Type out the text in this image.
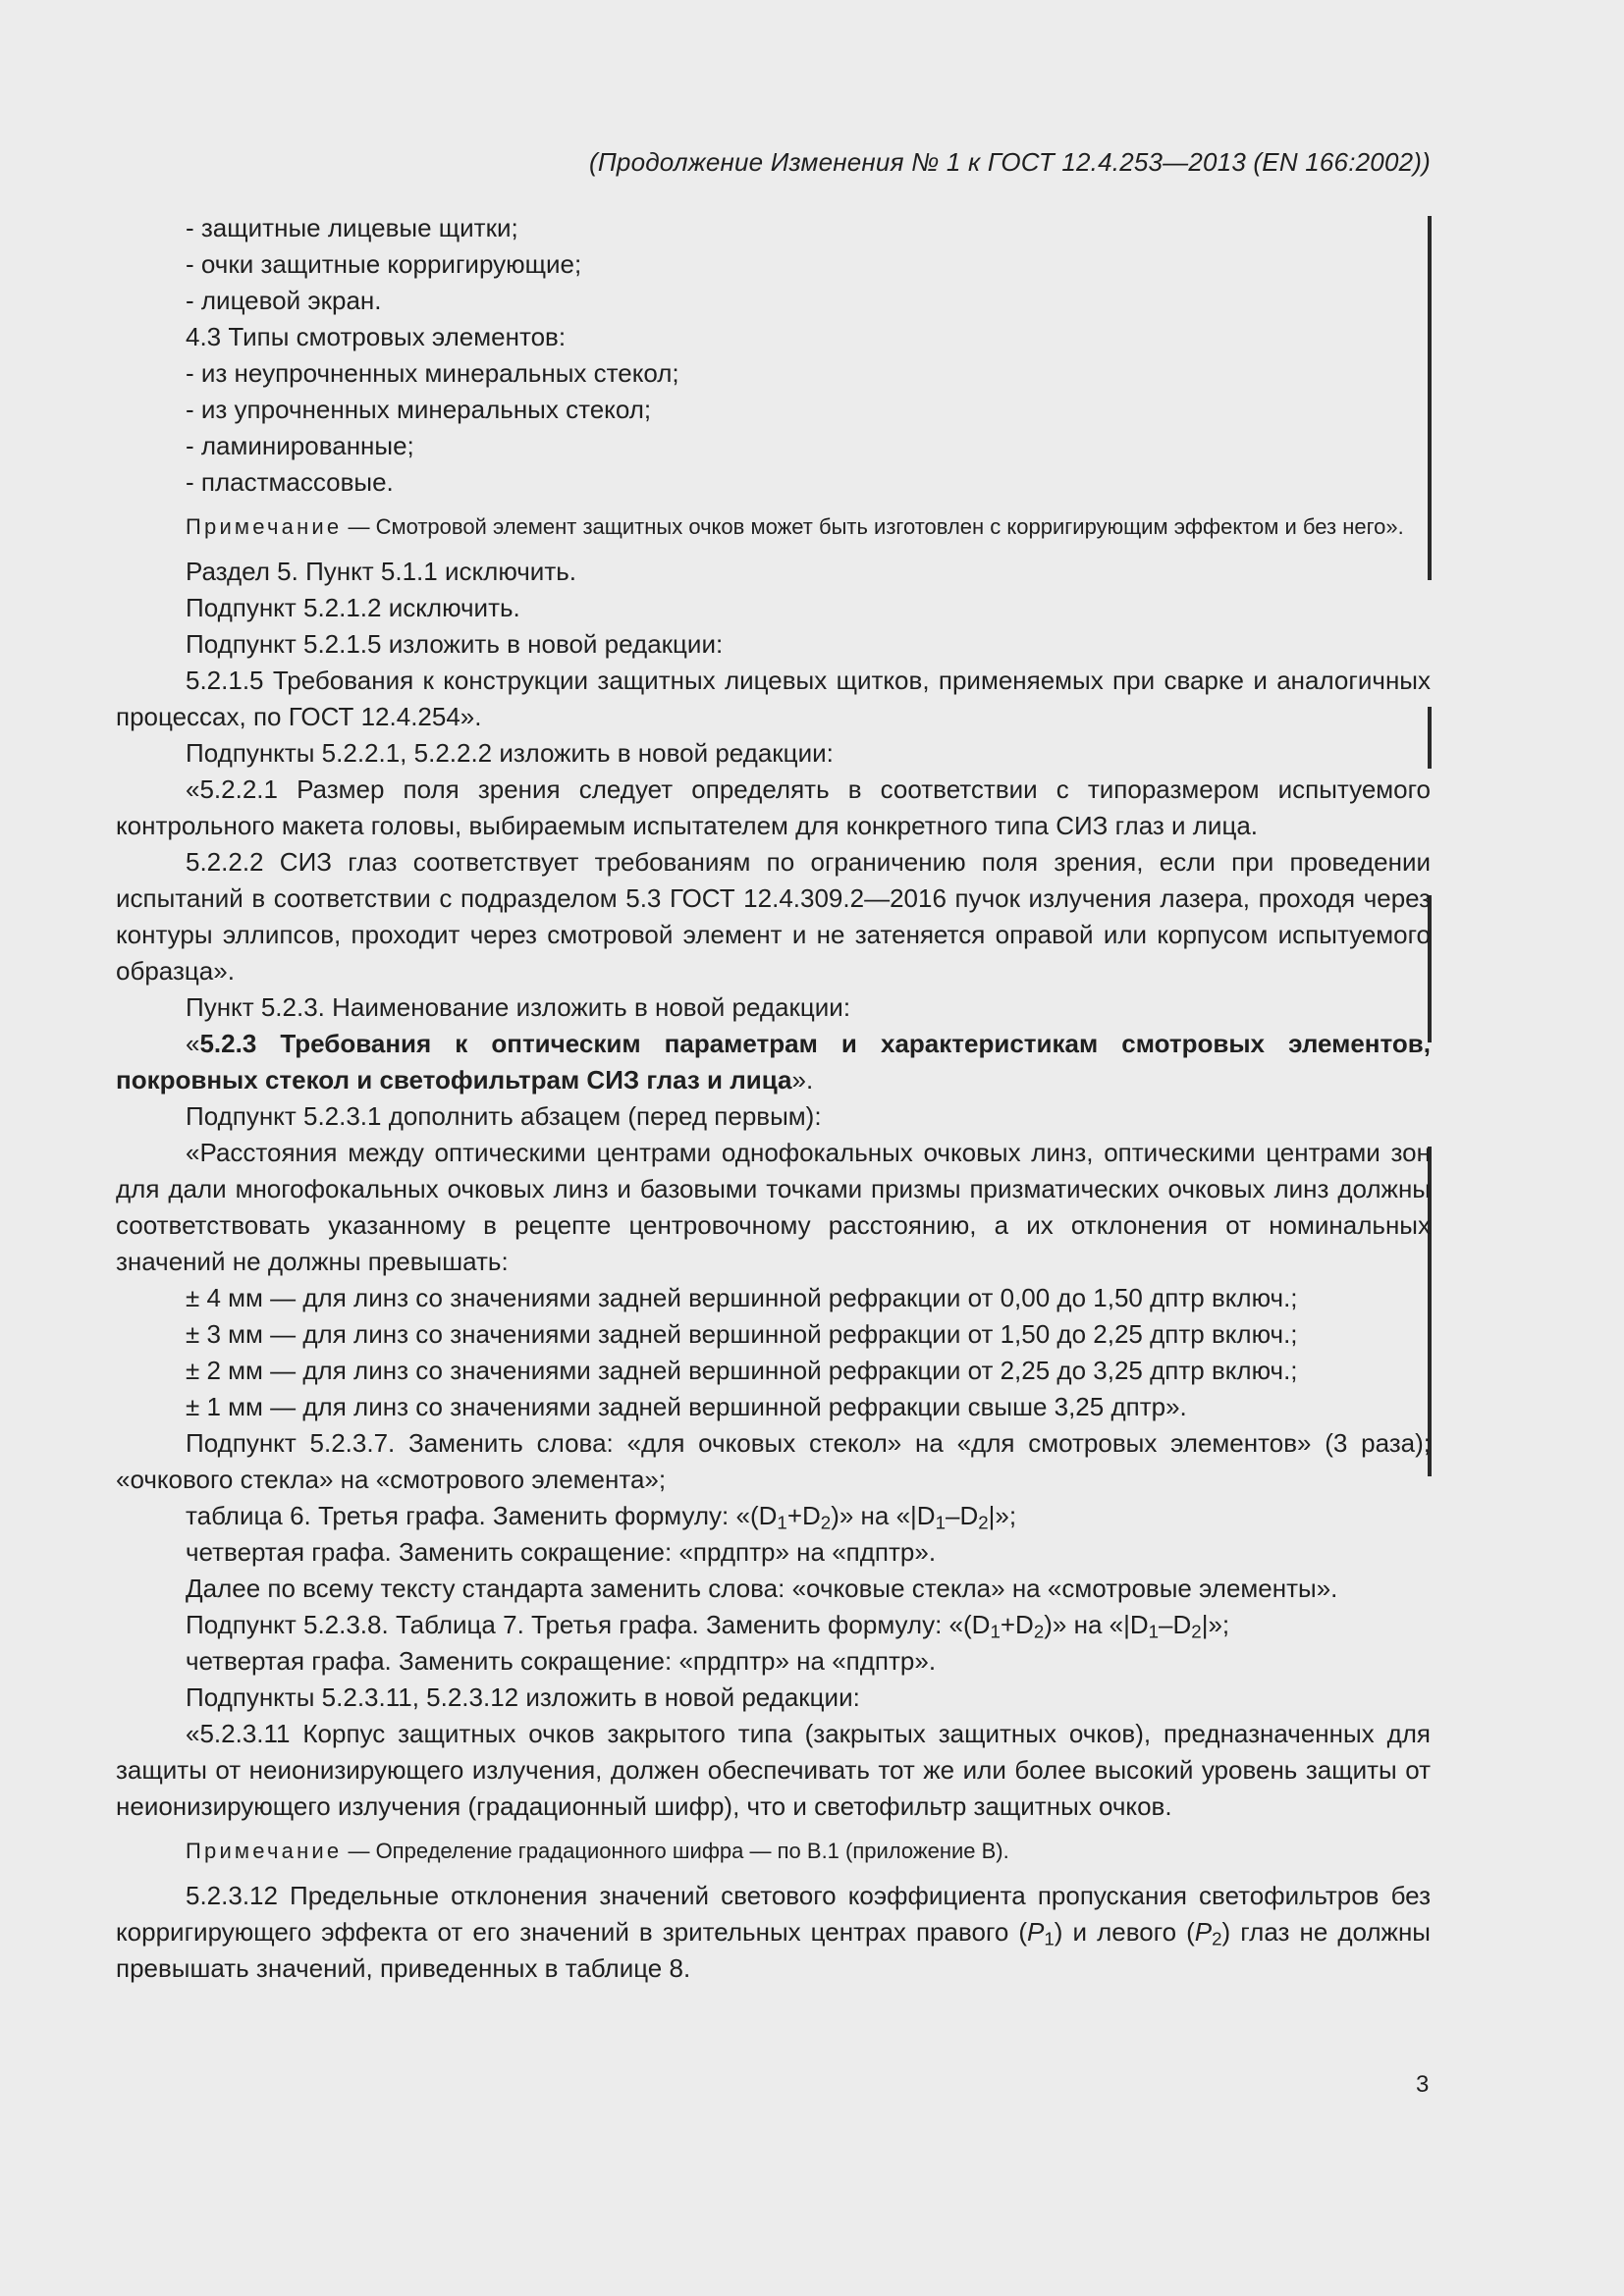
(Продолжение Изменения № 1 к ГОСТ 12.4.253—2013 (EN 166:2002))

- защитные лицевые щитки;

- очки защитные корригирующие;

- лицевой экран.

4.3 Типы смотровых элементов:

- из неупрочненных минеральных стекол;

- из упрочненных минеральных стекол;

- ламинированные;

- пластмассовые.

Примечание — Смотровой элемент защитных очков может быть изготовлен с корригирующим эффектом и без него».

Раздел 5. Пункт 5.1.1 исключить.

Подпункт 5.2.1.2 исключить.

Подпункт 5.2.1.5 изложить в новой редакции:

5.2.1.5 Требования к конструкции защитных лицевых щитков, применяемых при сварке и аналогичных процессах, по ГОСТ 12.4.254».

Подпункты 5.2.2.1, 5.2.2.2 изложить в новой редакции:

«5.2.2.1 Размер поля зрения следует определять в соответствии с типоразмером испытуемого контрольного макета головы, выбираемым испытателем для конкретного типа СИЗ глаз и лица.

5.2.2.2 СИЗ глаз соответствует требованиям по ограничению поля зрения, если при проведении испытаний в соответствии с подразделом 5.3 ГОСТ 12.4.309.2—2016 пучок излучения лазера, проходя через контуры эллипсов, проходит через смотровой элемент и не затеняется оправой или корпусом испытуемого образца».

Пункт 5.2.3. Наименование изложить в новой редакции:

«5.2.3 Требования к оптическим параметрам и характеристикам смотровых элементов, покровных стекол и светофильтрам СИЗ глаз и лица».

Подпункт 5.2.3.1 дополнить абзацем (перед первым):

«Расстояния между оптическими центрами однофокальных очковых линз, оптическими центрами зон для дали многофокальных очковых линз и базовыми точками призмы призматических очковых линз должны соответствовать указанному в рецепте центровочному расстоянию, а их отклонения от номинальных значений не должны превышать:

± 4 мм — для линз со значениями задней вершинной рефракции от 0,00 до 1,50 дптр включ.;

± 3 мм — для линз со значениями задней вершинной рефракции от 1,50 до 2,25 дптр включ.;

± 2 мм — для линз со значениями задней вершинной рефракции от 2,25 до 3,25 дптр включ.;

± 1 мм — для линз со значениями задней вершинной рефракции свыше 3,25 дптр».

Подпункт 5.2.3.7. Заменить слова: «для очковых стекол» на «для смотровых элементов» (3 раза); «очкового стекла» на «смотрового элемента»;

таблица 6. Третья графа. Заменить формулу: «$(D_1+D_2)$» на «$|D_1-D_2|$»;

четвертая графа. Заменить сокращение: «прдптр» на «пдптр».

Далее по всему тексту стандарта заменить слова: «очковые стекла» на «смотровые элементы».

Подпункт 5.2.3.8. Таблица 7. Третья графа. Заменить формулу: «$(D_1+D_2)$» на «$|D_1-D_2|$»;

четвертая графа. Заменить сокращение: «прдптр» на «пдптр».

Подпункты 5.2.3.11, 5.2.3.12 изложить в новой редакции:

«5.2.3.11 Корпус защитных очков закрытого типа (закрытых защитных очков), предназначенных для защиты от неионизирующего излучения, должен обеспечивать тот же или более высокий уровень защиты от неионизирующего излучения (градационный шифр), что и светофильтр защитных очков.

Примечание — Определение градационного шифра — по В.1 (приложение В).

5.2.3.12 Предельные отклонения значений светового коэффициента пропускания светофильтров без корригирующего эффекта от его значений в зрительных центрах правого $(P_1)$ и левого $(P_2)$ глаз не должны превышать значений, приведенных в таблице 8.

3
